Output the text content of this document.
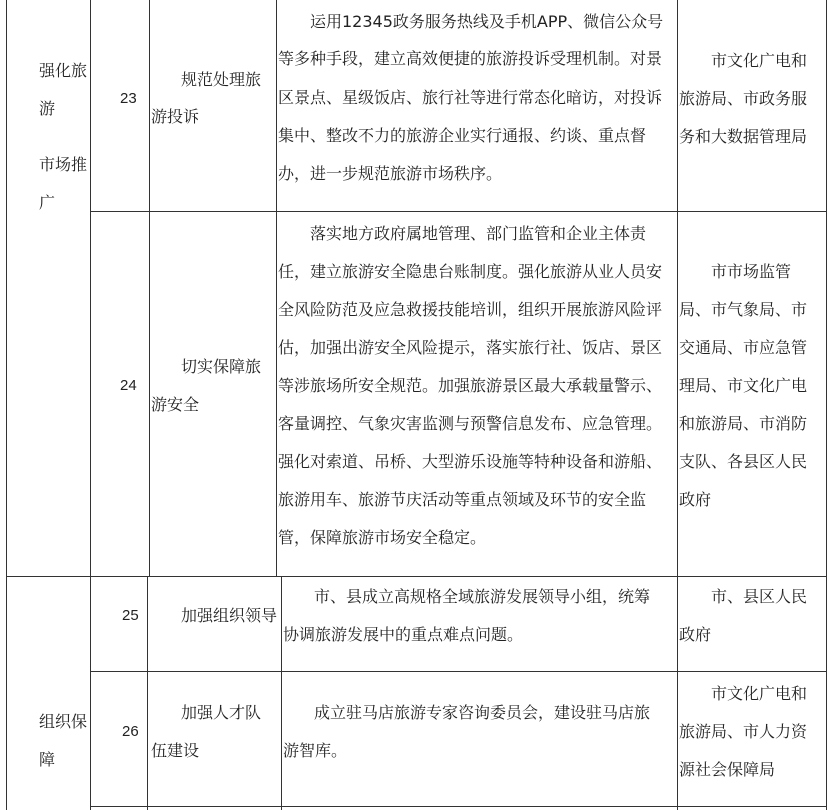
强化旅
游
市场推
广
23
规范处理旅
游投诉
运用12345政务服务热线及手机APP、微信公众号
等多种手段，建立高效便捷的旅游投诉受理机制。对景
区景点、星级饭店、旅行社等进行常态化暗访，对投诉
集中、整改不力的旅游企业实行通报、约谈、重点督
办，进一步规范旅游市场秩序。
市文化广电和
旅游局、市政务服
务和大数据管理局
24
切实保障旅
游安全
落实地方政府属地管理、部门监管和企业主体责
任，建立旅游安全隐患台账制度。强化旅游从业人员安
全风险防范及应急救援技能培训，组织开展旅游风险评
估，加强出游安全风险提示，落实旅行社、饭店、景区
等涉旅场所安全规范。加强旅游景区最大承载量警示、
客量调控、气象灾害监测与预警信息发布、应急管理。
强化对索道、吊桥、大型游乐设施等特种设备和游船、
旅游用车、旅游节庆活动等重点领域及环节的安全监
管，保障旅游市场安全稳定。
市市场监管
局、市气象局、市
交通局、市应急管
理局、市文化广电
和旅游局、市消防
支队、各县区人民
政府
组织保
障
25	加强组织领导
市、县成立高规格全域旅游发展领导小组，统筹
协调旅游发展中的重点难点问题。
市、县区人民
政府
26
加强人才队
伍建设
成立驻马店旅游专家咨询委员会，建设驻马店旅
游智库。
市文化广电和
旅游局、市人力资
源社会保障局
